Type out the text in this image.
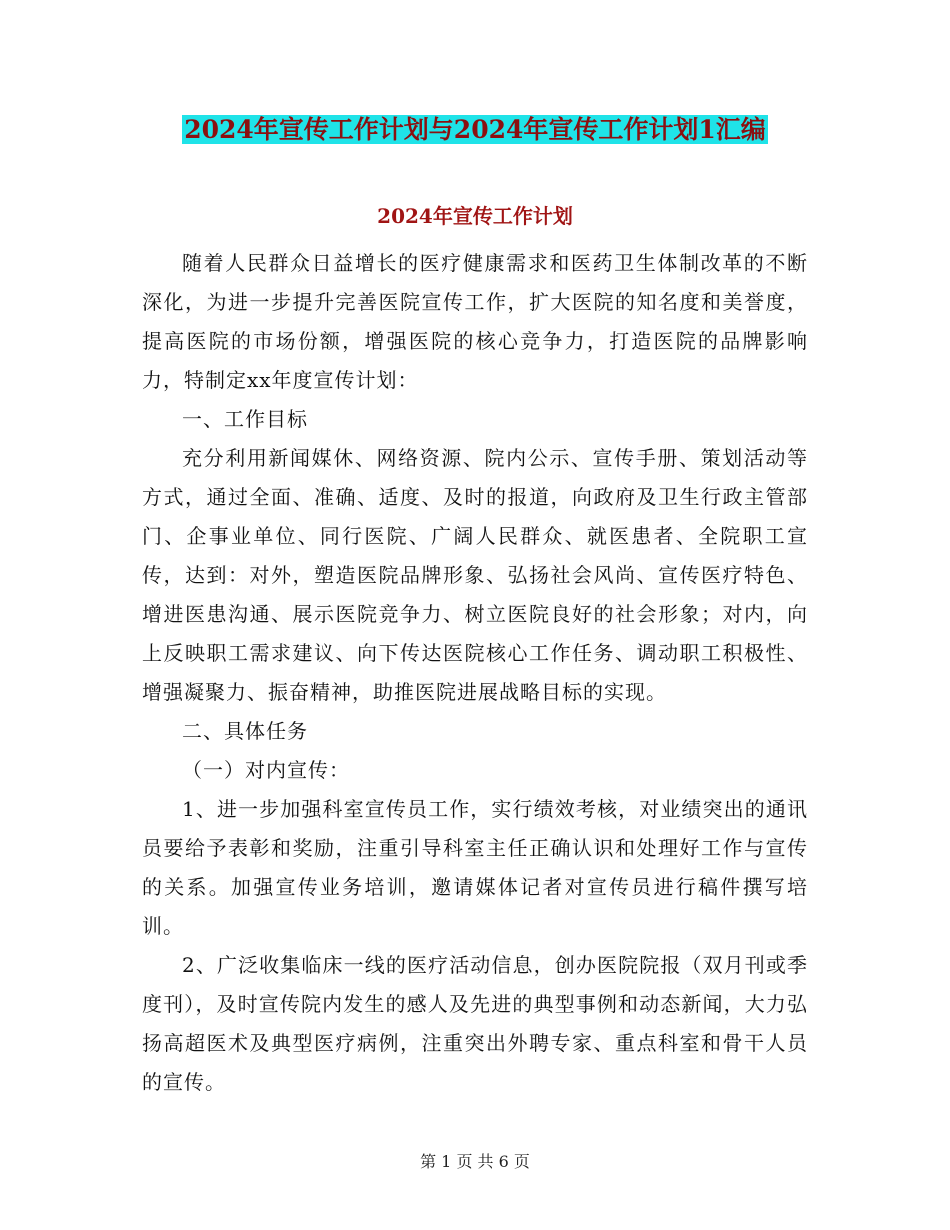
2024年宣传工作计划与2024年宣传工作计划1汇编
2024年宣传工作计划

随着人民群众日益增长的医疗健康需求和医药卫生体制改革的不断深化，为进一步提升完善医院宣传工作，扩大医院的知名度和美誉度，提高医院的市场份额，增强医院的核心竞争力，打造医院的品牌影响力，特制定xx年度宣传计划：

一、工作目标

充分利用新闻媒休、网络资源、院内公示、宣传手册、策划活动等方式，通过全面、准确、适度、及时的报道，向政府及卫生行政主管部门、企事业单位、同行医院、广阔人民群众、就医患者、全院职工宣传，达到：对外，塑造医院品牌形象、弘扬社会风尚、宣传医疗特色、增进医患沟通、展示医院竞争力、树立医院良好的社会形象；对内，向上反映职工需求建议、向下传达医院核心工作任务、调动职工积极性、增强凝聚力、振奋精神，助推医院进展战略目标的实现。

二、具体任务

（一）对内宣传：

1、进一步加强科室宣传员工作，实行绩效考核，对业绩突出的通讯员要给予表彰和奖励，注重引导科室主任正确认识和处理好工作与宣传的关系。加强宣传业务培训，邀请媒体记者对宣传员进行稿件撰写培训。

2、广泛收集临床一线的医疗活动信息，创办医院院报（双月刊或季度刊），及时宣传院内发生的感人及先进的典型事例和动态新闻，大力弘扬高超医术及典型医疗病例，注重突出外聘专家、重点科室和骨干人员的宣传。

第 1 页 共 6 页
